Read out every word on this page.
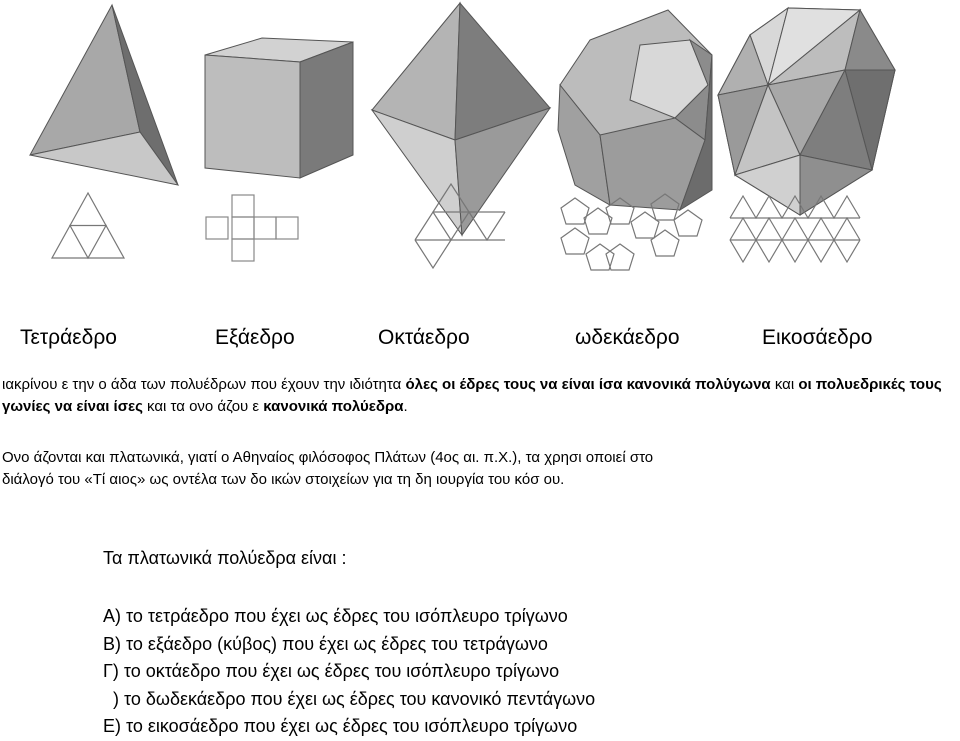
Τετράεδρο	Εξάεδρο	Οκτάεδρο	ωδεκάεδρο	Εικοσάεδρο

ιακρίνου ε την ο άδα των πολυέδρων που έχουν την ιδιότητα όλες οι έδρες τους να είναι ίσα κανονικά πολύγωνα και οι πολυεδρικές τους γωνίες να είναι ίσες και τα ονο άζου ε κανονικά πολύεδρα.

Ονο άζονται και πλατωνικά, γιατί ο Αθηναίος φιλόσοφος Πλάτων (4ος αι. π.Χ.), τα χρησι οποιεί στο
διάλογό του «Τί αιος» ως οντέλα των δο ικών στοιχείων για τη δη ιουργία του κόσ ου.

Τα πλατωνικά πολύεδρα είναι :
Α) το τετράεδρο που έχει ως έδρες του ισόπλευρο τρίγωνο
Β) το εξάεδρο (κύβος) που έχει ως έδρες του τετράγωνο
Γ) το οκτάεδρο που έχει ως έδρες του ισόπλευρο τρίγωνο
) το δωδεκάεδρο που έχει ως έδρες του κανονικό πεντάγωνο
Ε) το εικοσάεδρο που έχει ως έδρες του ισόπλευρο τρίγωνο
